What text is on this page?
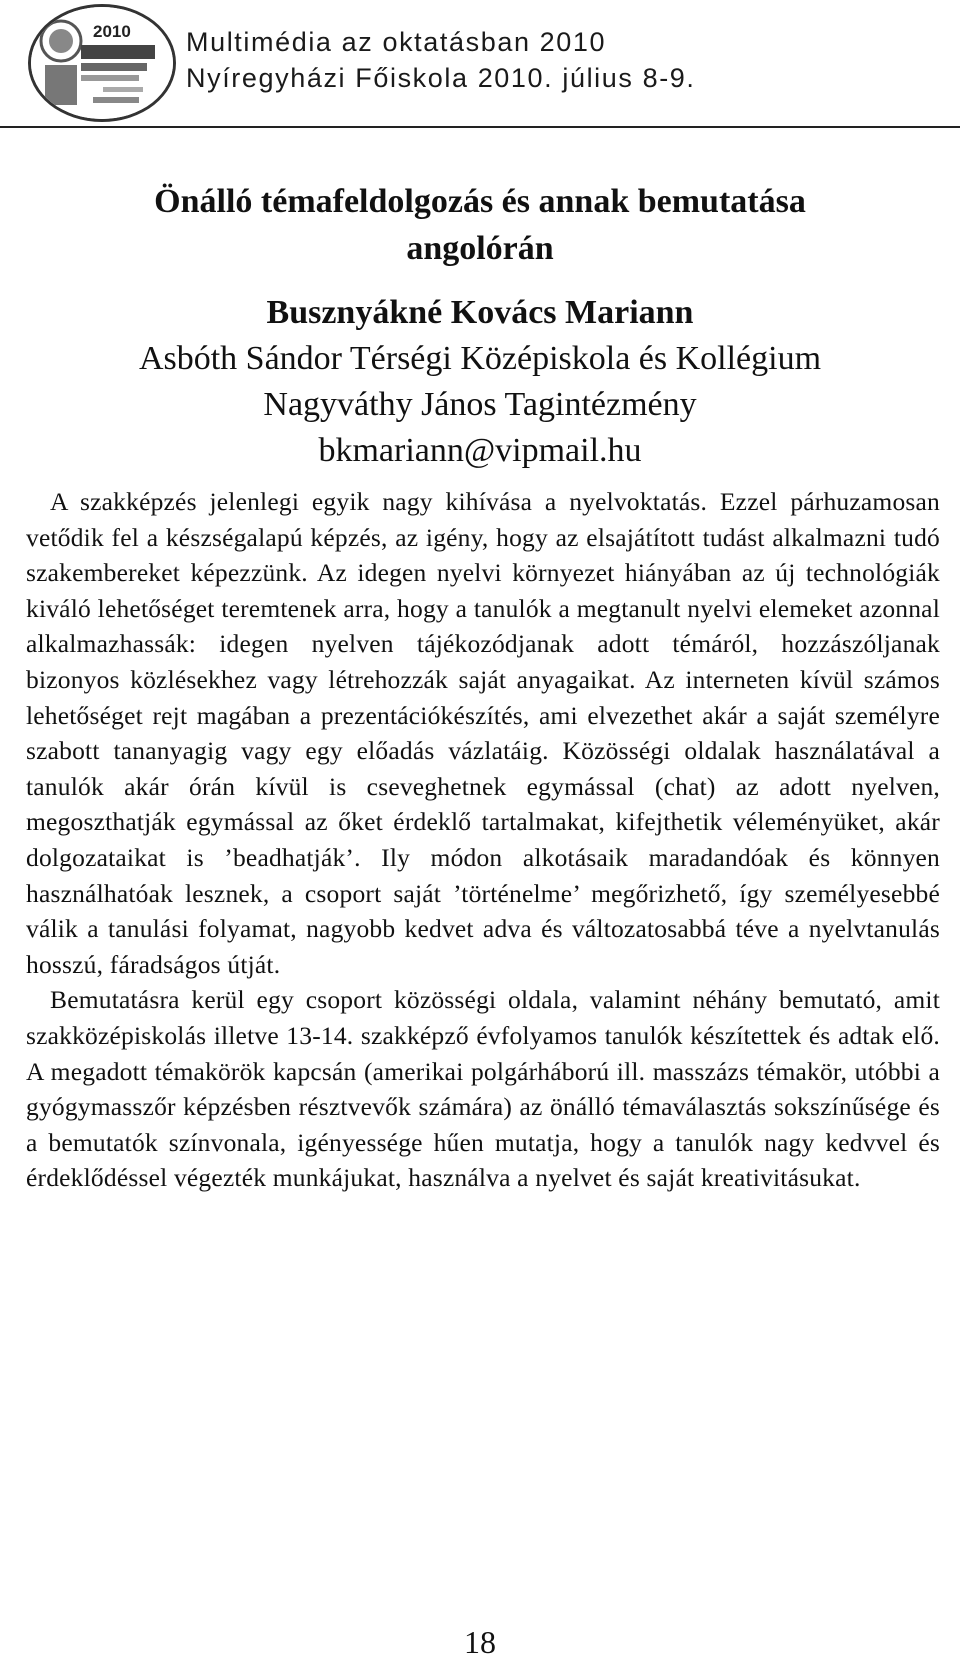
2010 Multimédia az oktatásban 2010
Nyíregyházi Főiskola 2010. július 8-9.
Önálló témafeldolgozás és annak bemutatása
angolórán
Busznyákné Kovács Mariann
Asbóth Sándor Térségi Középiskola és Kollégium
Nagyváthy János Tagintézmény
bkmariann@vipmail.hu

A szakképzés jelenlegi egyik nagy kihívása a nyelvoktatás. Ezzel párhuzamosan vetődik fel a készségalapú képzés, az igény, hogy az elsajátított tudást alkalmazni tudó szakembereket képezzünk. Az idegen nyelvi környezet hiányában az új technológiák kiváló lehetőséget teremtenek arra, hogy a tanulók a megtanult nyelvi elemeket azonnal alkalmazhassák: idegen nyelven tájékozódjanak adott témáról, hozzászóljanak bizonyos közlésekhez vagy létrehozzák saját anyagaikat. Az interneten kívül számos lehetőséget rejt magában a prezentációkészítés, ami elvezethet akár a saját személyre szabott tananyagig vagy egy előadás vázlatáig. Közösségi oldalak használatával a tanulók akár órán kívül is cseveghetnek egymással (chat) az adott nyelven, megoszthatják egymással az őket érdeklő tartalmakat, kifejthetik véleményüket, akár dolgozataikat is ’beadhatják’. Ily módon alkotásaik maradandóak és könnyen használhatóak lesznek, a csoport saját ’történelme’ megőrizhető, így személyesebbé válik a tanulási folyamat, nagyobb kedvet adva és változatosabbá téve a nyelvtanulás hosszú, fáradságos útját.

Bemutatásra kerül egy csoport közösségi oldala, valamint néhány bemutató, amit szakközépiskolás illetve 13-14. szakképző évfolyamos tanulók készítettek és adtak elő. A megadott témakörök kapcsán (amerikai polgárháború ill. masszázs témakör, utóbbi a gyógymasszőr képzésben résztvevők számára) az önálló témaválasztás sokszínűsége és a bemutatók színvonala, igényessége hűen mutatja, hogy a tanulók nagy kedvvel és érdeklődéssel végezték munkájukat, használva a nyelvet és saját kreativitásukat.

18
